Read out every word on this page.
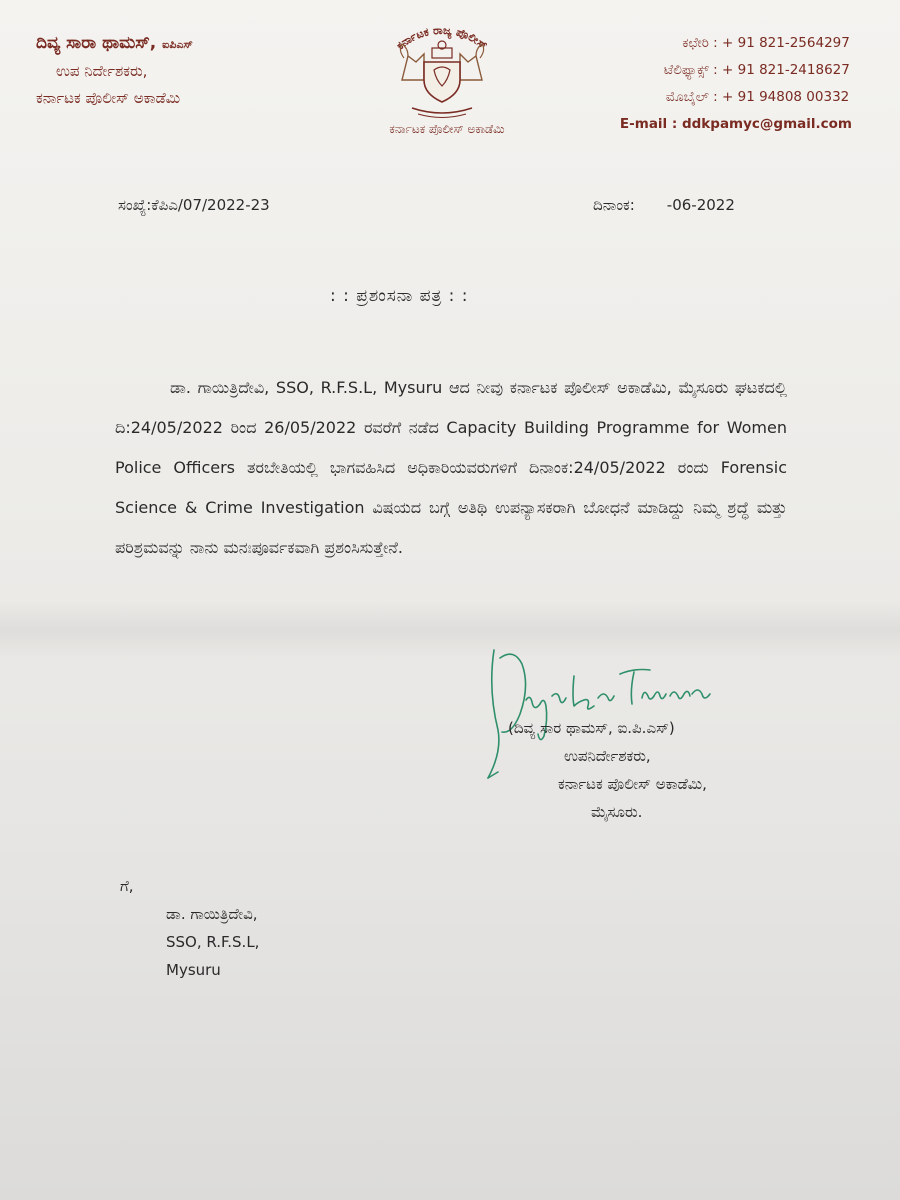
ದಿವ್ಯ ಸಾರಾ ಥಾಮಸ್, ಐಪಿಎಸ್
ಉಪ ನಿರ್ದೇಶಕರು,
ಕರ್ನಾಟಕ ಪೊಲೀಸ್ ಅಕಾಡೆಮಿ
ಕರ್ನಾಟಕ ರಾಜ್ಯ ಪೊಲೀಸ್
ಕರ್ನಾಟಕ ಪೊಲೀಸ್ ಅಕಾಡೆಮಿ
ಕಛೇರಿ :
+ 91 821-2564297
ಟೆಲಿಫ್ಯಾಕ್ಸ್ :
+ 91 821-2418627
ಮೊಬೈಲ್ :
+ 91 94808 00332
E-mail : ddkpamyc@gmail.com
ಸಂಖ್ಯೆ:ಕೆಪಿಎ/07/2022-23	ದಿನಾಂಕ: -06-2022
: : ಪ್ರಶಂಸನಾ ಪತ್ರ : :
ಡಾ. ಗಾಯಿತ್ರಿದೇವಿ, SSO, R.F.S.L, Mysuru ಆದ ನೀವು ಕರ್ನಾಟಕ ಪೊಲೀಸ್ ಅಕಾಡೆಮಿ, ಮೈಸೂರು ಘಟಕದಲ್ಲಿ ದಿ:24/05/2022 ರಿಂದ 26/05/2022 ರವರೆಗೆ ನಡೆದ Capacity Building Programme for Women Police Officers ತರಬೇತಿಯಲ್ಲಿ ಭಾಗವಹಿಸಿದ ಅಧಿಕಾರಿಯವರುಗಳಿಗೆ ದಿನಾಂಕ:24/05/2022 ರಂದು Forensic Science & Crime Investigation ವಿಷಯದ ಬಗ್ಗೆ ಅತಿಥಿ ಉಪನ್ಯಾಸಕರಾಗಿ ಬೋಧನೆ ಮಾಡಿದ್ದು ನಿಮ್ಮ ಶ್ರದ್ಧೆ ಮತ್ತು ಪರಿಶ್ರಮವನ್ನು ನಾನು ಮನಃಪೂರ್ವಕವಾಗಿ ಪ್ರಶಂಸಿಸುತ್ತೇನೆ.
(ದಿವ್ಯ ಸಾರ ಥಾಮಸ್, ಐ.ಪಿ.ಎಸ್)
ಉಪನಿರ್ದೇಶಕರು,
ಕರ್ನಾಟಕ ಪೊಲೀಸ್ ಅಕಾಡೆಮಿ,
ಮೈಸೂರು.
ಗೆ,
ಡಾ. ಗಾಯಿತ್ರಿದೇವಿ,
SSO, R.F.S.L,
Mysuru
